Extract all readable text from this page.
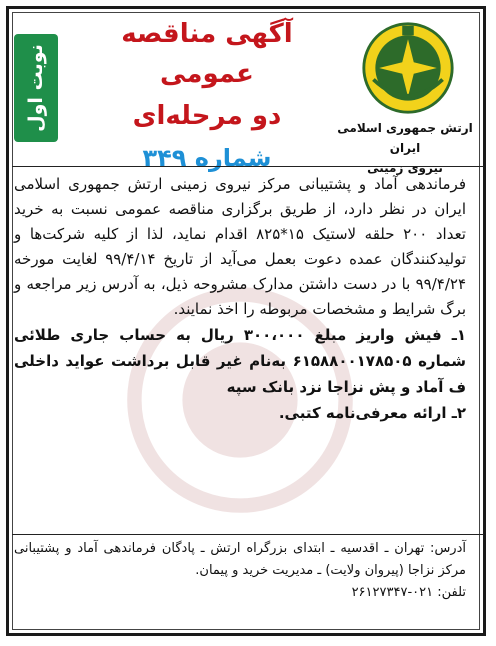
نوبت اول
آگهی مناقصه عمومی
دو مرحله‌ای
شماره ۳۴۹
ارتش جمهوری اسلامی ایران
نیروی زمینی

فرماندهی آماد و پشتیبانی مرکز نیروی زمینی ارتش جمهوری اسلامی ایران در نظر دارد، از طریق برگزاری مناقصه عمومی نسبت به خرید تعداد ۲۰۰ حلقه لاستیک ۱۵*۸۲۵ اقدام نماید، لذا از کلیه شرکت‌ها و تولیدکنندگان عمده دعوت بعمل می‌آید از تاریخ ۹۹/۴/۱۴ لغایت مورخه ۹۹/۴/۲۴ با در دست داشتن مدارک مشروحه ذیل، به آدرس زیر مراجعه و برگ شرایط و مشخصات مربوطه را اخذ نمایند.

۱ـ فیش واریز مبلغ ۳۰۰،۰۰۰ ریال به حساب جاری طلائی شماره ۶۱۵۸۸۰۰۱۷۸۵۰۵ به‌نام غیر قابل برداشت عواید داخلی ف آماد و پش نزاجا نزد بانک سپه

۲ـ ارائه معرفی‌نامه کتبی.

آدرس: تهران ـ اقدسیه ـ ابتدای بزرگراه ارتش ـ پادگان فرماندهی آماد و پشتیبانی مرکز نزاجا (پیروان ولایت) ـ مدیریت خرید و پیمان.

تلفن: ۲۶۱۲۷۳۴۷-۰۲۱
